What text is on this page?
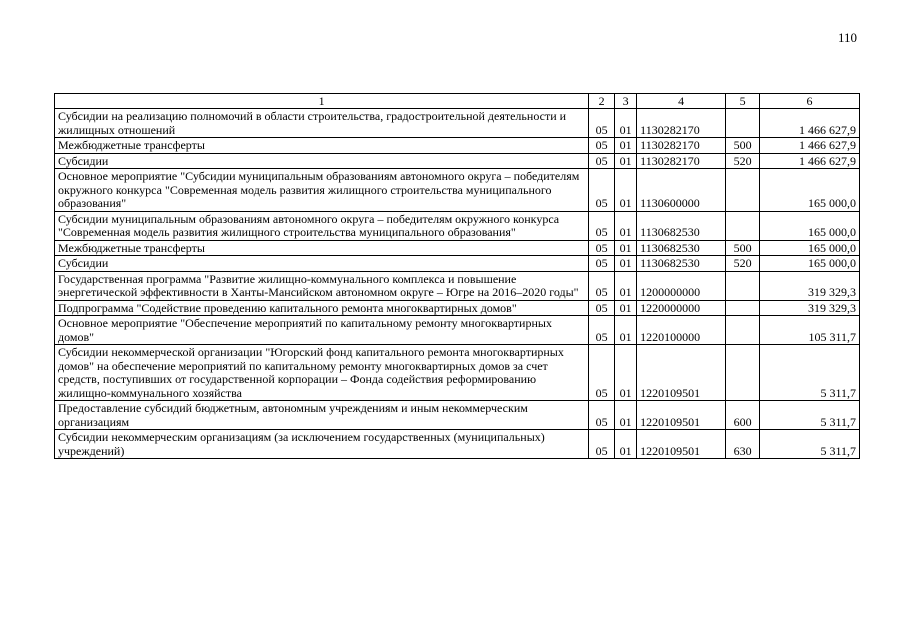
110
1	2	3	4	5	6
Субсидии на реализацию полномочий в области строительства, градостроительной деятельности и жилищных отношений	05	01	1130282170		1 466 627,9
Межбюджетные трансферты	05	01	1130282170	500	1 466 627,9
Субсидии	05	01	1130282170	520	1 466 627,9
Основное мероприятие "Субсидии муниципальным образованиям автономного округа – победителям окружного конкурса "Современная модель развития жилищного строительства муниципального образования"	05	01	1130600000		165 000,0
Субсидии муниципальным образованиям автономного округа – победителям окружного конкурса "Современная модель развития жилищного строительства муниципального образования"	05	01	1130682530		165 000,0
Межбюджетные трансферты	05	01	1130682530	500	165 000,0
Субсидии	05	01	1130682530	520	165 000,0
Государственная программа "Развитие жилищно-коммунального комплекса и повышение энергетической эффективности в Ханты-Мансийском автономном округе – Югре на 2016–2020 годы"	05	01	1200000000		319 329,3
Подпрограмма "Содействие проведению капитального ремонта многоквартирных домов"	05	01	1220000000		319 329,3
Основное мероприятие "Обеспечение мероприятий по капитальному ремонту многоквартирных домов"	05	01	1220100000		105 311,7
Субсидии некоммерческой организации "Югорский фонд капитального ремонта многоквартирных домов" на обеспечение мероприятий по капитальному ремонту многоквартирных домов за счет средств, поступивших от государственной корпорации – Фонда содействия реформированию жилищно-коммунального хозяйства	05	01	1220109501		5 311,7
Предоставление субсидий бюджетным, автономным учреждениям и иным некоммерческим организациям	05	01	1220109501	600	5 311,7
Субсидии некоммерческим организациям (за исключением государственных (муниципальных) учреждений)	05	01	1220109501	630	5 311,7
